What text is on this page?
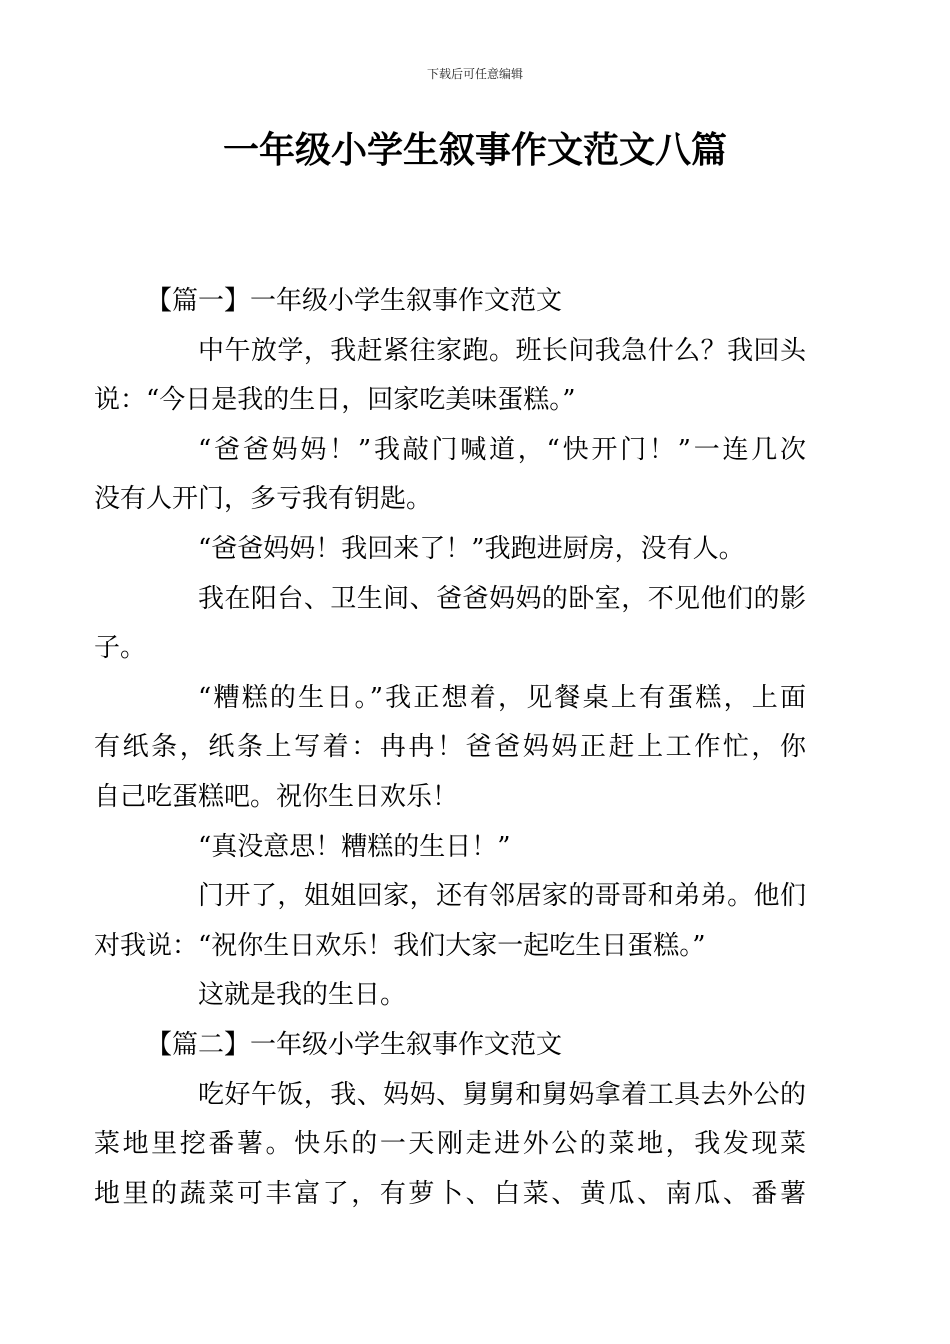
下载后可任意编辑
一年级小学生叙事作文范文八篇
【篇一】一年级小学生叙事作文范文

中午放学，我赶紧往家跑。班长问我急什么？我回头
说：“今日是我的生日，回家吃美味蛋糕。”

“爸爸妈妈！”我敲门喊道，“快开门！”一连几次
没有人开门，多亏我有钥匙。

“爸爸妈妈！我回来了！”我跑进厨房，没有人。

我在阳台、卫生间、爸爸妈妈的卧室，不见他们的影
子。

“糟糕的生日。”我正想着，见餐桌上有蛋糕，上面
有纸条，纸条上写着：冉冉！爸爸妈妈正赶上工作忙，你
自己吃蛋糕吧。祝你生日欢乐！

“真没意思！糟糕的生日！”

门开了，姐姐回家，还有邻居家的哥哥和弟弟。他们
对我说：“祝你生日欢乐！我们大家一起吃生日蛋糕。”

这就是我的生日。

【篇二】一年级小学生叙事作文范文

吃好午饭，我、妈妈、舅舅和舅妈拿着工具去外公的
菜地里挖番薯。快乐的一天刚走进外公的菜地，我发现菜
地里的蔬菜可丰富了，有萝卜、白菜、黄瓜、南瓜、番薯
